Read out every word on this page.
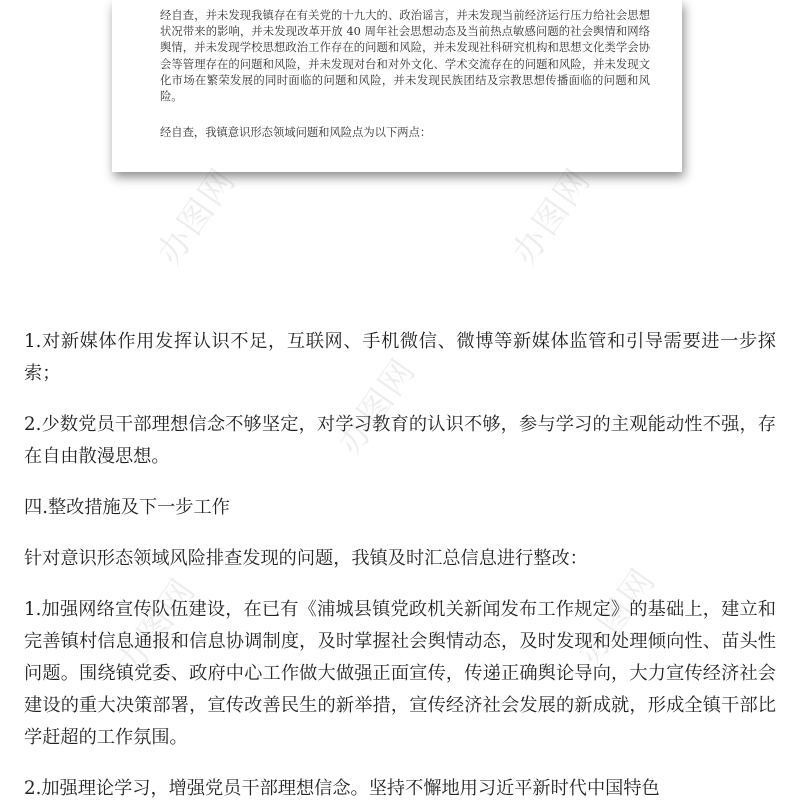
经自查，并未发现我镇存在有关党的十九大的、政治谣言，并未发现当前经济运行压力给社会思想状况带来的影响，并未发现改革开放 40 周年社会思想动态及当前热点敏感问题的社会舆情和网络舆情，并未发现学校思想政治工作存在的问题和风险，并未发现社科研究机构和思想文化类学会协会等管理存在的问题和风险，并未发现对台和对外文化、学术交流存在的问题和风险，并未发现文化市场在繁荣发展的同时面临的问题和风险，并未发现民族团结及宗教思想传播面临的问题和风险。

经自查，我镇意识形态领域问题和风险点为以下两点：

1.对新媒体作用发挥认识不足，互联网、手机微信、微博等新媒体监管和引导需要进一步探索；

2.少数党员干部理想信念不够坚定，对学习教育的认识不够，参与学习的主观能动性不强，存在自由散漫思想。

四.整改措施及下一步工作

针对意识形态领域风险排查发现的问题，我镇及时汇总信息进行整改：

1.加强网络宣传队伍建设，在已有《浦城县镇党政机关新闻发布工作规定》的基础上，建立和完善镇村信息通报和信息协调制度，及时掌握社会舆情动态，及时发现和处理倾向性、苗头性问题。围绕镇党委、政府中心工作做大做强正面宣传，传递正确舆论导向，大力宣传经济社会建设的重大决策部署，宣传改善民生的新举措，宣传经济社会发展的新成就，形成全镇干部比学赶超的工作氛围。

2.加强理论学习，增强党员干部理想信念。坚持不懈地用习近平新时代中国特色

办图网	办图网
办图网
办图网	办图网
